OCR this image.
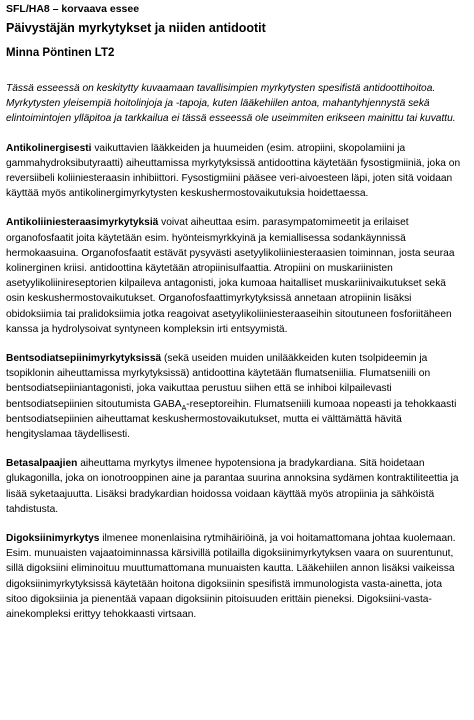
SFL/HA8 – korvaava essee
Päivystäjän myrkytykset ja niiden antidootit
Minna Pöntinen LT2

Tässä esseessä on keskitytty kuvaamaan tavallisimpien myrkytysten spesifistä antidoottihoitoa. Myrkytysten yleisempiä hoitolinjoja ja -tapoja, kuten lääkehiilen antoa, mahantyhjennystä sekä elintoimintojen ylläpitoa ja tarkkailua ei tässä esseessä ole useimmiten erikseen mainittu tai kuvattu.

Antikolinergisesti vaikuttavien lääkkeiden ja huumeiden (esim. atropiini, skopolamiini ja gammahydroksibutyraatti) aiheuttamissa myrkytyksissä antidoottina käytetään fysostigmiiniä, joka on reversiibeli koliiniesteraasin inhibiittori. Fysostigmiini pääsee veri-aivoesteen läpi, joten sitä voidaan käyttää myös antikolinergimyrkytysten keskushermostovaikutuksia hoidettaessa.

Antikoliiniesteraasimyrkytyksiä voivat aiheuttaa esim. parasympatomimeetit ja erilaiset organofosfaatit joita käytetään esim. hyönteismyrkkyinä ja kemiallisessa sodankäynnissä hermokaasuina. Organofosfaatit estävät pysyvästi asetyylikoliiniesteraasien toiminnan, josta seuraa kolinerginen kriisi. antidoottina käytetään atropiinisulfaattia. Atropiini on muskariinisten asetyylikoliinireseptorien kilpaileva antagonisti, joka kumoaa haitalliset muskariinivaikutukset sekä osin keskushermostovaikutukset. Organofosfaattimyrkytyksissä annetaan atropiinin lisäksi obidoksiimia tai pralidoksiimia jotka reagoivat asetyylikoliiniesteraaseihin sitoutuneen fosforiitäheen kanssa ja hydrolysoivat syntyneen kompleksin irti entsyymistä.

Bentsodiatsepiinimyrkytyksissä (sekä useiden muiden unilääkkeiden kuten tsolpideemin ja tsopiklonin aiheuttamissa myrkytyksissä) antidoottina käytetään flumatseniilia. Flumatseniili on bentsodiatsepiiniantagonisti, joka vaikuttaa perustuu siihen että se inhiboi kilpailevasti bentsodiatsepiinien sitoutumista $GABA_A$-reseptoreihin. Flumatseniili kumoaa nopeasti ja tehokkaasti bentsodiatsepiinien aiheuttamat keskushermostovaikutukset, mutta ei välttämättä hävitä hengityslamaa täydellisesti.

Betasalpaajien aiheuttama myrkytys ilmenee hypotensiona ja bradykardiana. Sitä hoidetaan glukagonilla, joka on ionotrooppinen aine ja parantaa suurina annoksina sydämen kontraktiliteettia ja lisää syketaajuutta. Lisäksi bradykardian hoidossa voidaan käyttää myös atropiinia ja sähköistä tahdistusta.

Digoksiinimyrkytys ilmenee monenlaisina rytmihäiriöinä, ja voi hoitamattomana johtaa kuolemaan. Esim. munuaisten vajaatoiminnassa kärsivillä potilailla digoksiinimyrkytyksen vaara on suurentunut, sillä digoksiini eliminoituu muuttumattomana munuaisten kautta. Lääkehiilen annon lisäksi vaikeissa digoksiinimyrkytyksissä käytetään hoitona digoksiinin spesifistä immunologista vasta-ainetta, jota sitoo digoksiinia ja pienentää vapaan digoksiinin pitoisuuden erittäin pieneksi. Digoksiini-vasta-ainekompleksi erittyy tehokkaasti virtsaan.
